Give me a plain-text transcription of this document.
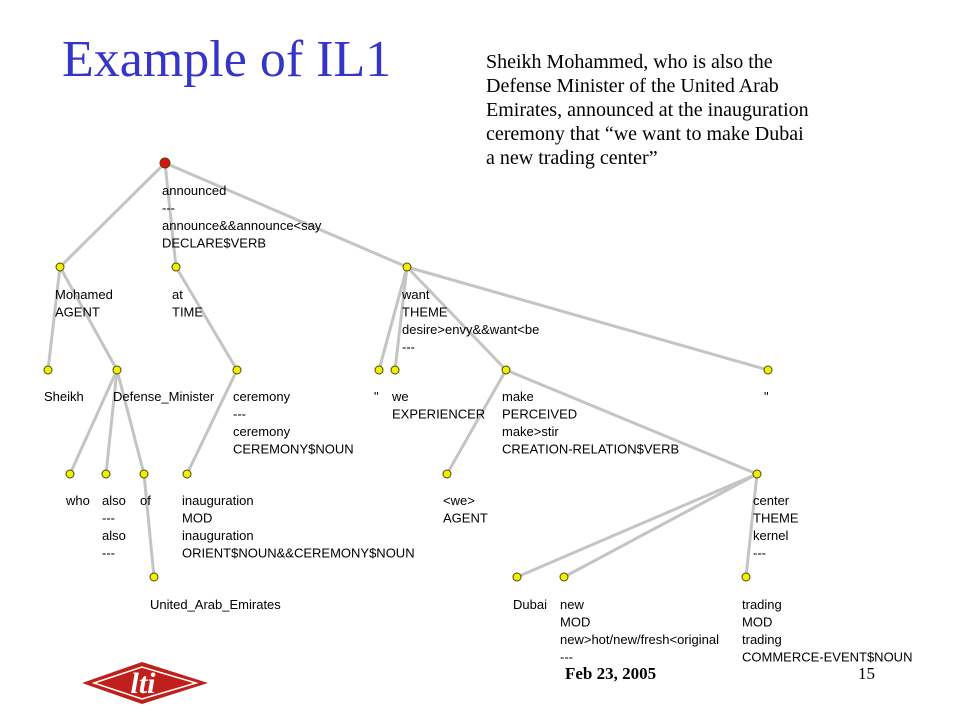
Example of IL1	Sheikh Mohammed, who is also the
Defense Minister of the United Arab
Emirates, announced at the inauguration
ceremony that “we want to make Dubai
a new trading center”
announced ---announce&&announce<say DECLARE$VERB
Mohamed AGENT
at TIME
want THEME desire>envy&&want<be ---
"	"
Sheikh Defense_Minister ceremony ---ceremony CEREMONY$NOUN
we EXPERIENCER
make PERCEIVED make>stir CREATION-RELATION$VERB
who also ---also ---
of inauguration MOD inauguration ORIENT$NOUN&&CEREMONY$NOUN
<we> AGENT
center THEME kernel ---
United_Arab_Emirates	Dubai new MOD new>hot/new/fresh<original ---
trading MOD trading COMMERCE-EVENT$NOUN
Feb 23, 2005	15
lti
